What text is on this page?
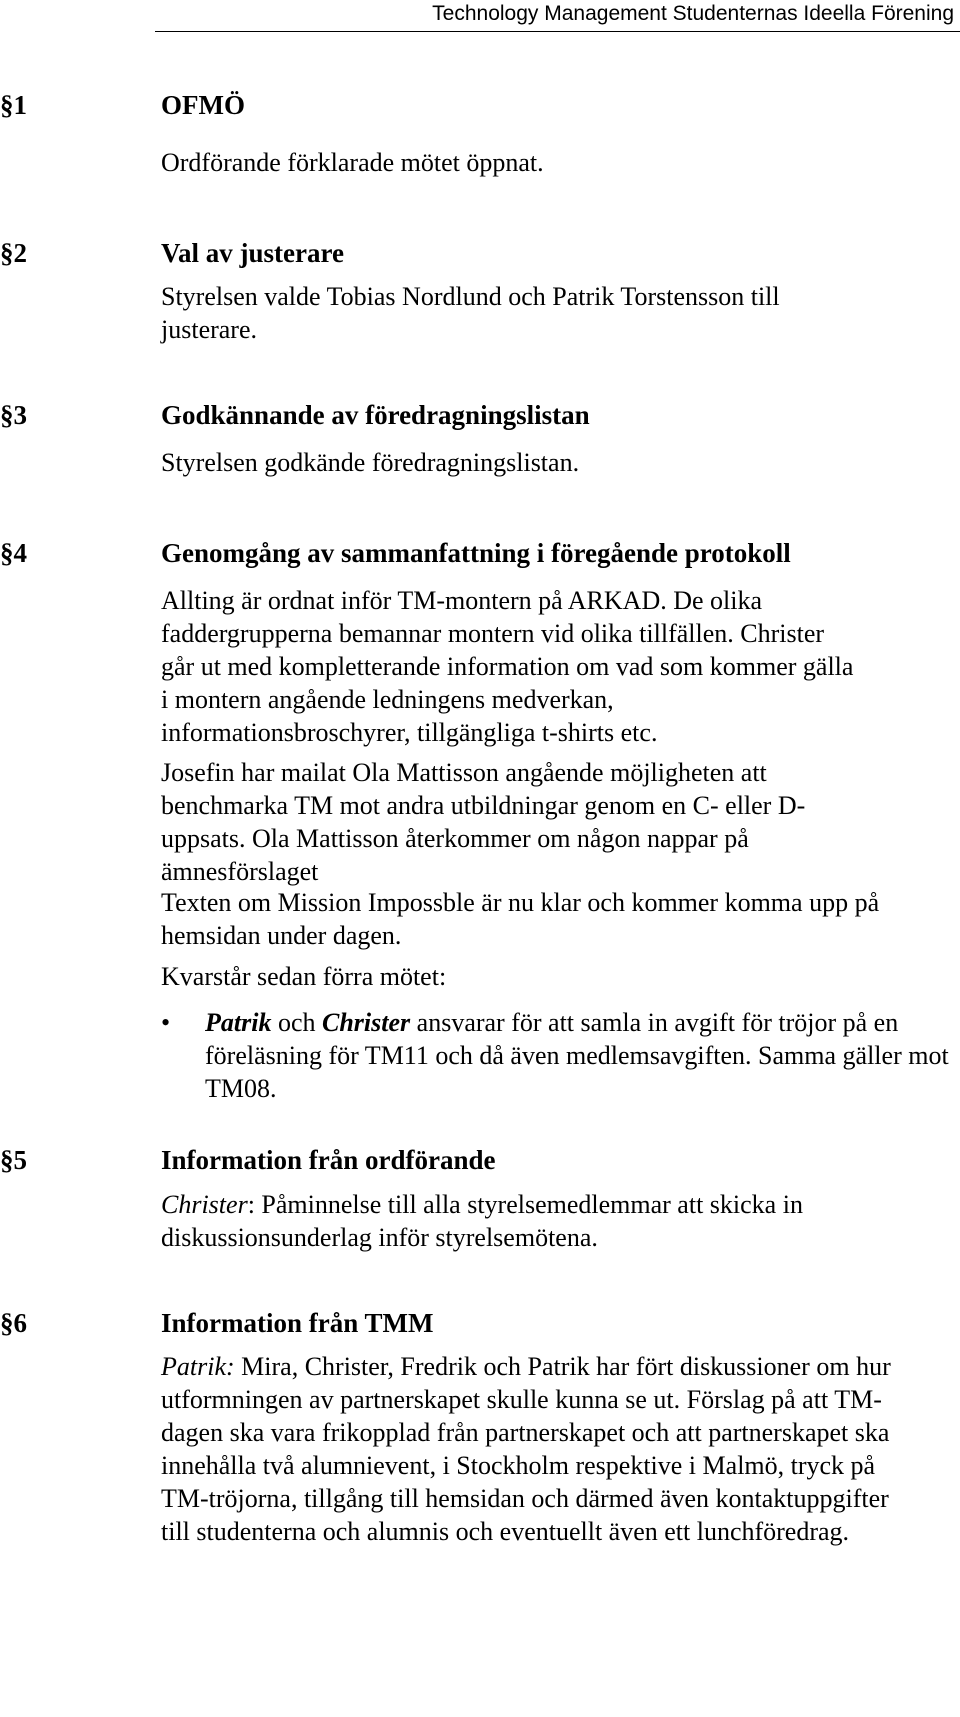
Technology Management Studenternas Ideella Förening
§1	OFMÖ

Ordförande förklarade mötet öppnat.

§2	Val av justerare

Styrelsen valde Tobias Nordlund och Patrik Torstensson till justerare.

§3	Godkännande av föredragningslistan

Styrelsen godkände föredragningslistan.

§4	Genomgång av sammanfattning i föregående protokoll

Allting är ordnat inför TM-montern på ARKAD. De olika faddergrupperna bemannar montern vid olika tillfällen. Christer går ut med kompletterande information om vad som kommer gälla i montern angående ledningens medverkan, informationsbroschyrer, tillgängliga t-shirts etc.

Josefin har mailat Ola Mattisson angående möjligheten att benchmarka TM mot andra utbildningar genom en C- eller D-uppsats. Ola Mattisson återkommer om någon nappar på ämnesförslaget

Texten om Mission Impossble är nu klar och kommer komma upp på hemsidan under dagen.

Kvarstår sedan förra mötet:

• Patrik och Christer ansvarar för att samla in avgift för tröjor på en föreläsning för TM11 och då även medlemsavgiften. Samma gäller mot TM08.
§5	Information från ordförande

Christer: Påminnelse till alla styrelsemedlemmar att skicka in diskussionsunderlag inför styrelsemötena.

§6	Information från TMM

Patrik: Mira, Christer, Fredrik och Patrik har fört diskussioner om hur utformningen av partnerskapet skulle kunna se ut. Förslag på att TM-dagen ska vara frikopplad från partnerskapet och att partnerskapet ska innehålla två alumnievent, i Stockholm respektive i Malmö, tryck på TM-tröjorna, tillgång till hemsidan och därmed även kontaktuppgifter till studenterna och alumnis och eventuellt även ett lunchföredrag.
